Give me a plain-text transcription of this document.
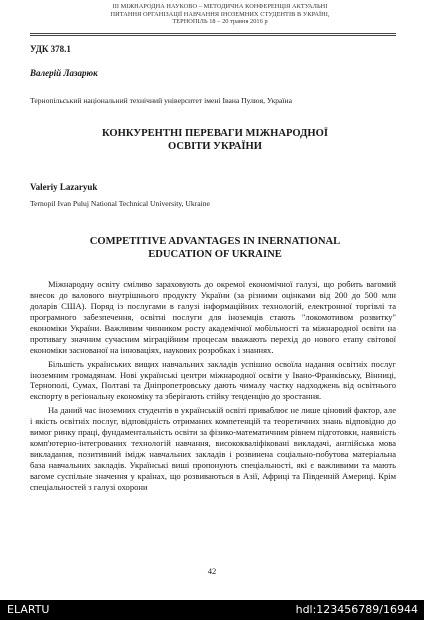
III МІЖНАРОДНА НАУКОВО – МЕТОДИЧНА КОНФЕРЕНЦІЯ АКТУАЛЬНІ
ПИТАННЯ ОРГАНІЗАЦІЇ НАВЧАННЯ ІНОЗЕМНИХ СТУДЕНТІВ В УКРАЇНІ,
ТЕРНОПІЛЬ 18 – 20 травня 2016 р
УДК 378.1
Валерій Лазарюк
Тернопільський національний технічний університет імені Івана Пулюя, Україна
КОНКУРЕНТНІ ПЕРЕВАГИ МІЖНАРОДНОЇ
ОСВІТИ УКРАЇНИ
Valeriy Lazaryuk
Ternopil Ivan Puluj National Technical University, Ukraine
COMPETITIVE ADVANTAGES IN INERNATIONAL
EDUCATION OF UKRAINE

Міжнародну освіту сміливо зараховують до окремої економічної галузі, що робить вагомий внесок до валового внутрішнього продукту України (за різними оцінками від 200 до 500 млн доларів США). Поряд із послугами в галузі інформаційних технологій, електронної торгівлі та програмного забезпечення, освітні послуги для іноземців стають "локомотивом розвитку" економіки України. Важливим чинником росту академічної мобільності та міжнародної освіти на противагу значним сучасним міграційним процесам вважають перехід до нового етапу світової економіки заснованої на інноваціях, наукових розробках і знаннях.

Більшість українських вищих навчальних закладів успішно освоїла надання освітніх послуг іноземним громадянам. Нові українські центри міжнародної освіти у Івано-Франківську, Вінниці, Тернополі, Сумах, Полтаві та Дніпропетровську дають чималу частку надходжень від освітнього експорту в регіональну економіку та зберігають стійку тенденцію до зростання.

На даний час іноземних студентів в українській освіті приваблює не лише ціновий фактор, але і якість освітніх послуг, відповідність отриманих компетенцій та теоретичних знань відповідно до вимог ринку праці, фундаментальність освіти за фізико-математичним рівнем підготовки, наявність комп'ютерно-інтегрованих технологій навчання, висококваліфіковані викладачі, англійська мова викладання, позитивний імідж навчальних закладів і розвинена соціально-побутова матеріальна база навчальних закладів. Українські виші пропонують спеціальності, які є важливими та мають вагоме суспільне значення у країнах, що розвиваються в Азії, Африці та Південній Америці. Крім спеціальностей з галузі охорони

42
ELARTU	hdl:123456789/16944
